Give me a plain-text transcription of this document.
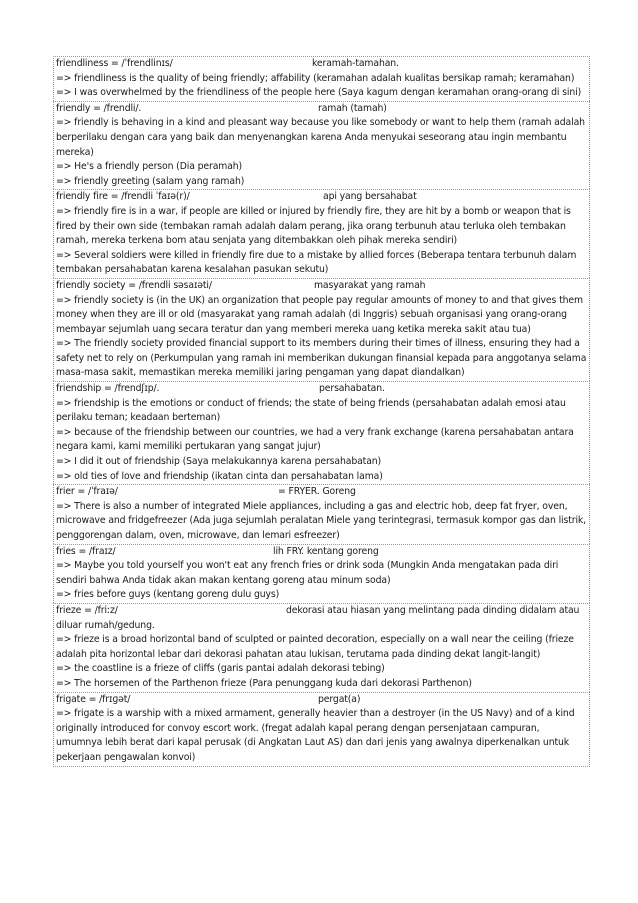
friendliness = /ˈfrendlinɪs/	keramah-tamahan.
=> friendliness is the quality of being friendly; affability (keramahan adalah kualitas bersikap ramah; keramahan)
=> I was overwhelmed by the friendliness of the people here (Saya kagum dengan keramahan orang-orang di sini)
friendly = /frendli/.	ramah (tamah)
=> friendly is behaving in a kind and pleasant way because you like somebody or want to help them (ramah adalah berperilaku dengan cara yang baik dan menyenangkan karena Anda menyukai seseorang atau ingin membantu mereka)
=> He's a friendly person (Dia peramah)
=> friendly greeting (salam yang ramah)
friendly fire = /frendli ˈfaɪə(r)/	api yang bersahabat
=> friendly fire is in a war, if people are killed or injured by friendly fire, they are hit by a bomb or weapon that is fired by their own side (tembakan ramah adalah dalam perang, jika orang terbunuh atau terluka oleh tembakan ramah, mereka terkena bom atau senjata yang ditembakkan oleh pihak mereka sendiri)
=> Several soldiers were killed in friendly fire due to a mistake by allied forces (Beberapa tentara terbunuh dalam tembakan persahabatan karena kesalahan pasukan sekutu)
friendly society = /frendli səsaɪəti/	masyarakat yang ramah
=> friendly society is (in the UK) an organization that people pay regular amounts of money to and that gives them money when they are ill or old (masyarakat yang ramah adalah (di Inggris) sebuah organisasi yang orang-orang membayar sejumlah uang secara teratur dan yang memberi mereka uang ketika mereka sakit atau tua)
=> The friendly society provided financial support to its members during their times of illness, ensuring they had a safety net to rely on (Perkumpulan yang ramah ini memberikan dukungan finansial kepada para anggotanya selama masa-masa sakit, memastikan mereka memiliki jaring pengaman yang dapat diandalkan)
friendship = /frendʃɪp/.	persahabatan.
=> friendship is the emotions or conduct of friends; the state of being friends (persahabatan adalah emosi atau perilaku teman; keadaan berteman)
=> because of the friendship between our countries, we had a very frank exchange (karena persahabatan antara negara kami, kami memiliki pertukaran yang sangat jujur)
=> I did it out of friendship (Saya melakukannya karena persahabatan)
=> old ties of love and friendship (ikatan cinta dan persahabatan lama)
frier = /ˈfraɪə/	= FRYER. Goreng
=> There is also a number of integrated Miele appliances, including a gas and electric hob, deep fat fryer, oven, microwave and fridgefreezer (Ada juga sejumlah peralatan Miele yang terintegrasi, termasuk kompor gas dan listrik, penggorengan dalam, oven, microwave, dan lemari esfreezer)
fries = /fraɪz/	lih FRY. kentang goreng
=> Maybe you told yourself you won't eat any french fries or drink soda (Mungkin Anda mengatakan pada diri sendiri bahwa Anda tidak akan makan kentang goreng atau minum soda)
=> fries before guys (kentang goreng dulu guys)
frieze = /friːz/	dekorasi atau hiasan yang melintang pada dinding didalam atau
diluar rumah/gedung.
=> frieze is a broad horizontal band of sculpted or painted decoration, especially on a wall near the ceiling (frieze adalah pita horizontal lebar dari dekorasi pahatan atau lukisan, terutama pada dinding dekat langit-langit)
=> the coastline is a frieze of cliffs (garis pantai adalah dekorasi tebing)
=> The horsemen of the Parthenon frieze (Para penunggang kuda dari dekorasi Parthenon)
frigate = /frɪɡət/	pergat(a)
=> frigate is a warship with a mixed armament, generally heavier than a destroyer (in the US Navy) and of a kind originally introduced for convoy escort work. (fregat adalah kapal perang dengan persenjataan campuran, umumnya lebih berat dari kapal perusak (di Angkatan Laut AS) dan dari jenis yang awalnya diperkenalkan untuk pekerjaan pengawalan konvoi)
